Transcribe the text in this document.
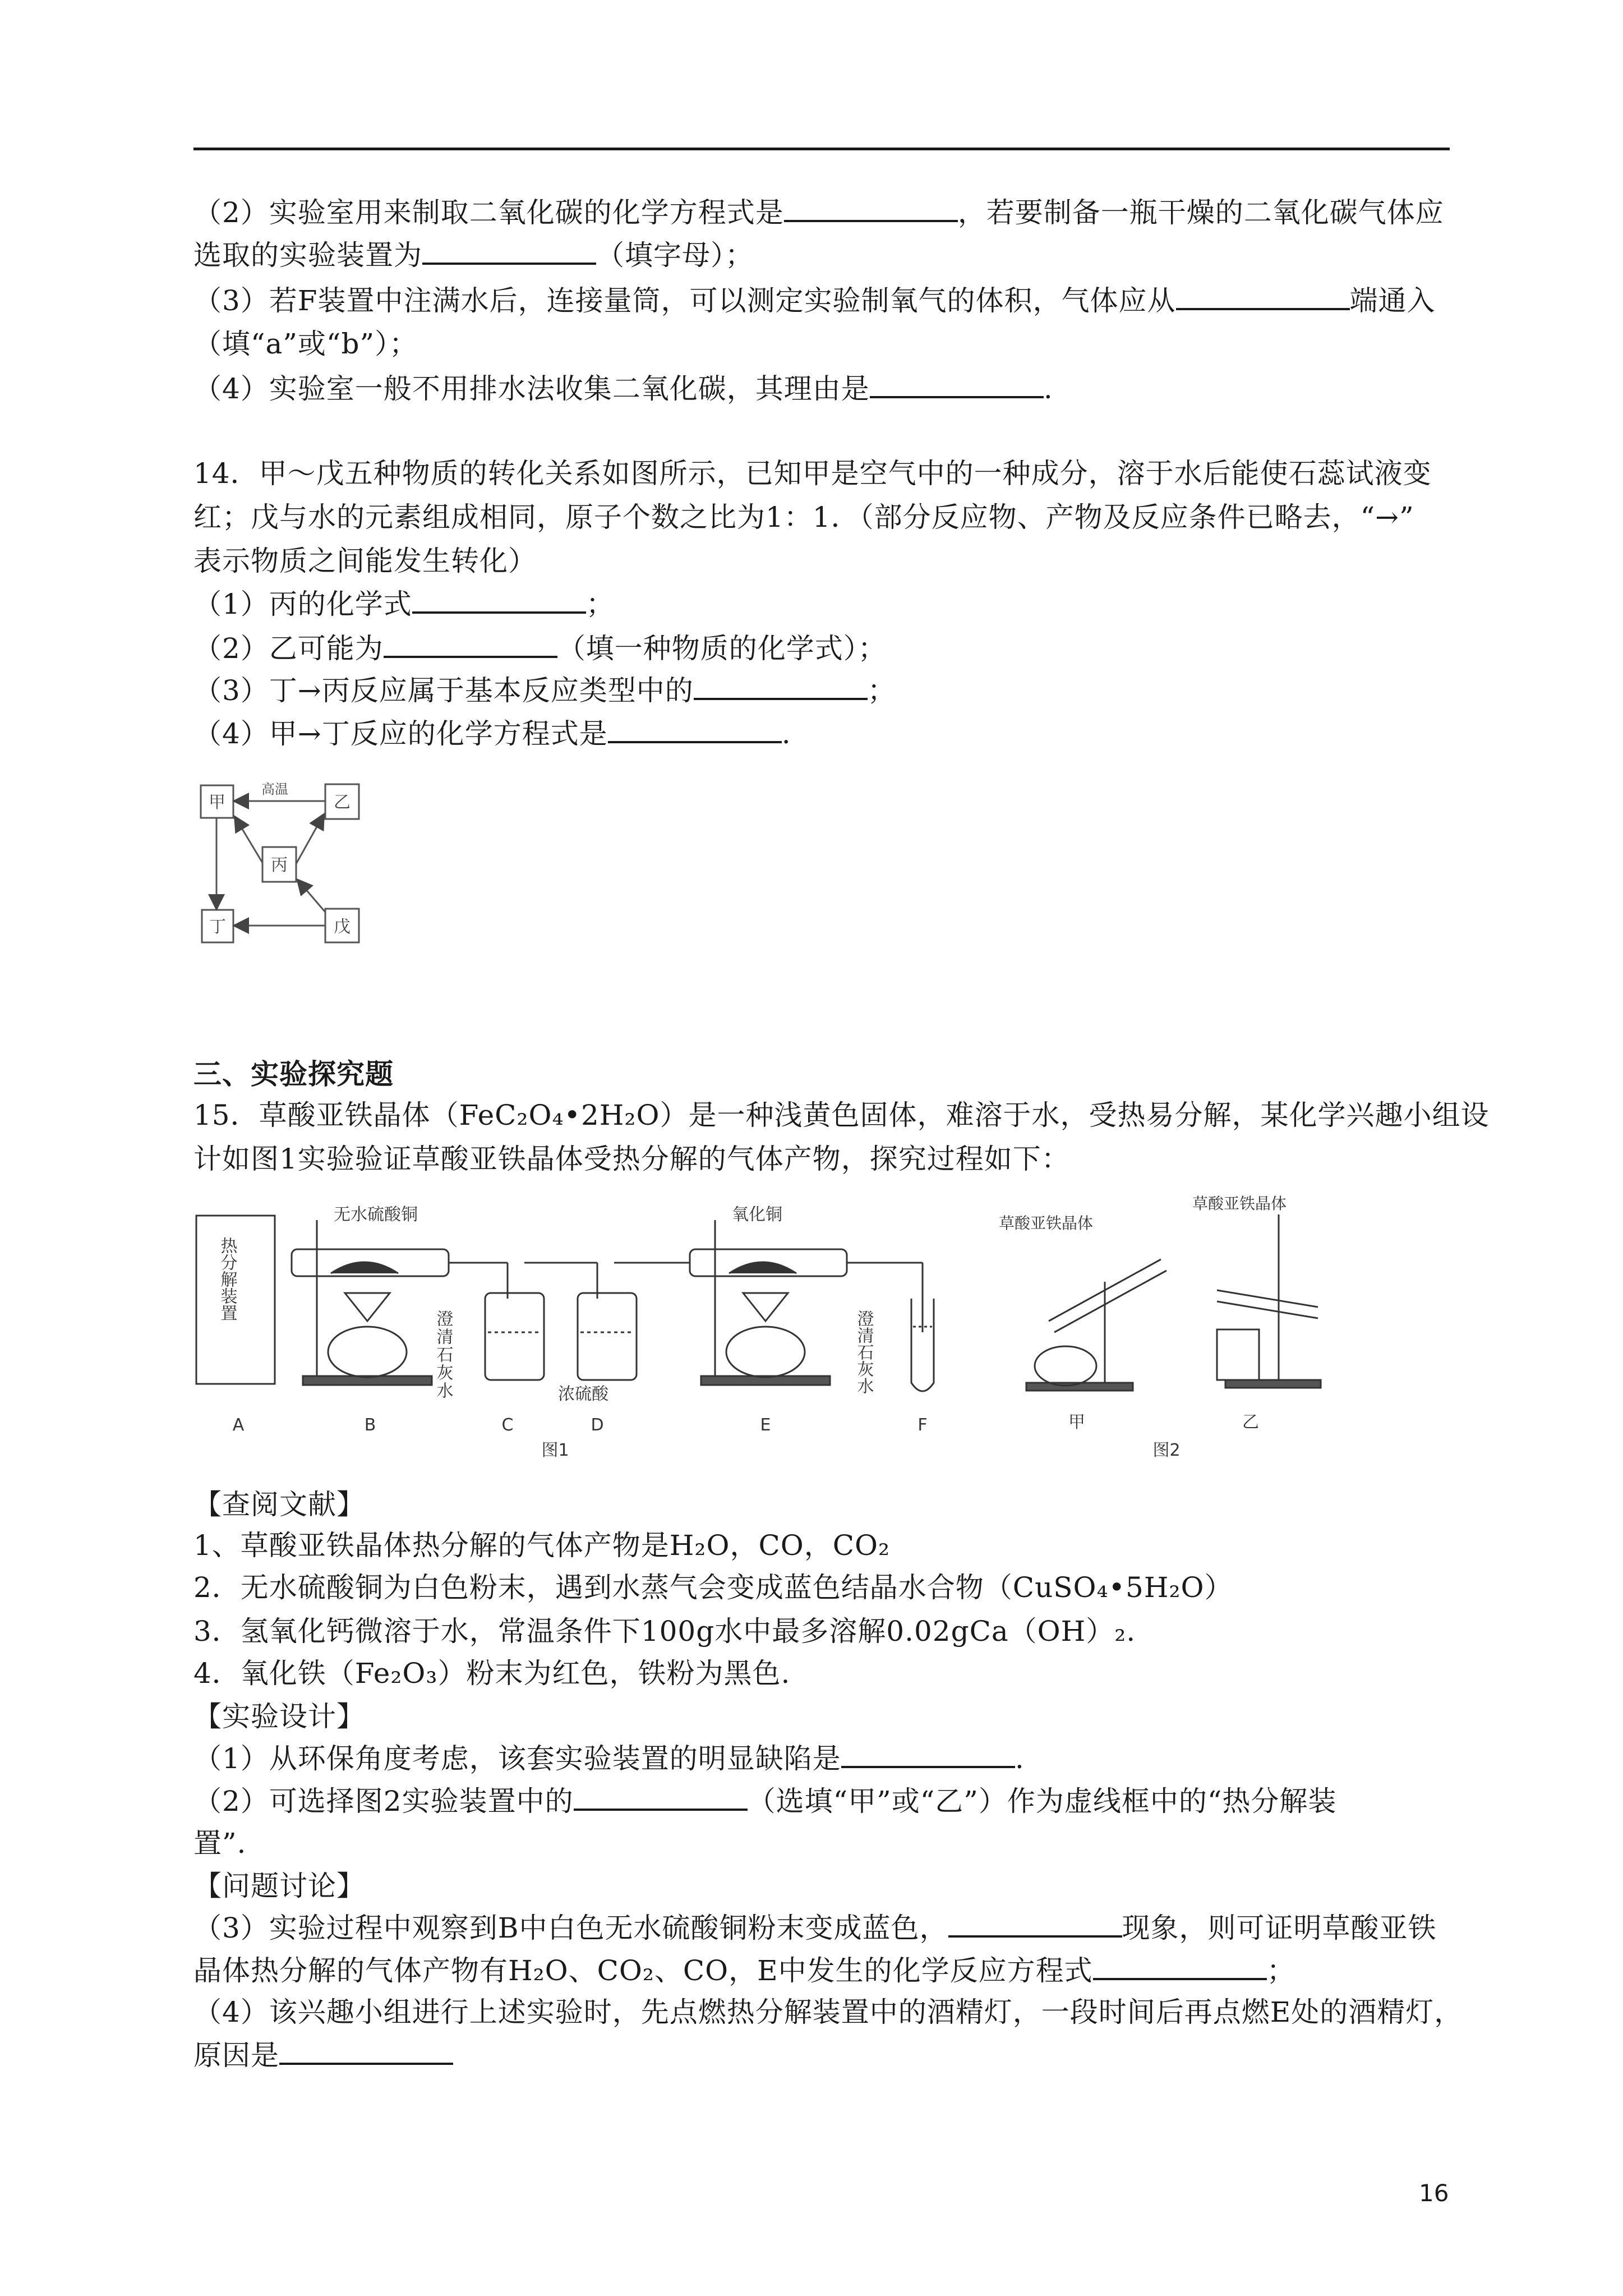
（2）实验室用来制取二氧化碳的化学方程式是	，若要制备一瓶干燥的二氧化碳气体应
选取的实验装置为	（填字母）；
（3）若F装置中注满水后，连接量筒，可以测定实验制氧气的体积，气体应从	端通入
（填“a”或“b”）；
（4）实验室一般不用排水法收集二氧化碳，其理由是	.
14．甲～戊五种物质的转化关系如图所示，已知甲是空气中的一种成分，溶于水后能使石蕊试液变
红；戊与水的元素组成相同，原子个数之比为1：1．（部分反应物、产物及反应条件已略去，“→”
表示物质之间能发生转化）
（1）丙的化学式	；
（2）乙可能为	（填一种物质的化学式）；
（3）丁→丙反应属于基本反应类型中的	；
（4）甲→丁反应的化学方程式是	.
甲	乙
丙
丁	戊
高温
三、实验探究题
15．草酸亚铁晶体（FeC₂O₄•2H₂O）是一种浅黄色固体，难溶于水，受热易分解，某化学兴趣小组设
计如图1实验验证草酸亚铁晶体受热分解的气体产物，探究过程如下：
热分解装置
无水硫酸铜	氧化铜
澄清石灰水	浓硫酸
澄清石灰水
A	B	C	D	E	F
图1
草酸亚铁晶体
草酸亚铁晶体
甲	乙
图2
【查阅文献】
1、草酸亚铁晶体热分解的气体产物是H₂O，CO，CO₂
2．无水硫酸铜为白色粉末，遇到水蒸气会变成蓝色结晶水合物（CuSO₄•5H₂O）
3．氢氧化钙微溶于水，常温条件下100g水中最多溶解0.02gCa（OH）₂.
4．氧化铁（Fe₂O₃）粉末为红色，铁粉为黑色.
【实验设计】
（1）从环保角度考虑，该套实验装置的明显缺陷是	.
（2）可选择图2实验装置中的	（选填“甲”或“乙”）作为虚线框中的“热分解装
置”.
【问题讨论】
（3）实验过程中观察到B中白色无水硫酸铜粉末变成蓝色，	现象，则可证明草酸亚铁
晶体热分解的气体产物有H₂O、CO₂、CO，E中发生的化学反应方程式	；
（4）该兴趣小组进行上述实验时，先点燃热分解装置中的酒精灯，一段时间后再点燃E处的酒精灯，
原因是
16
